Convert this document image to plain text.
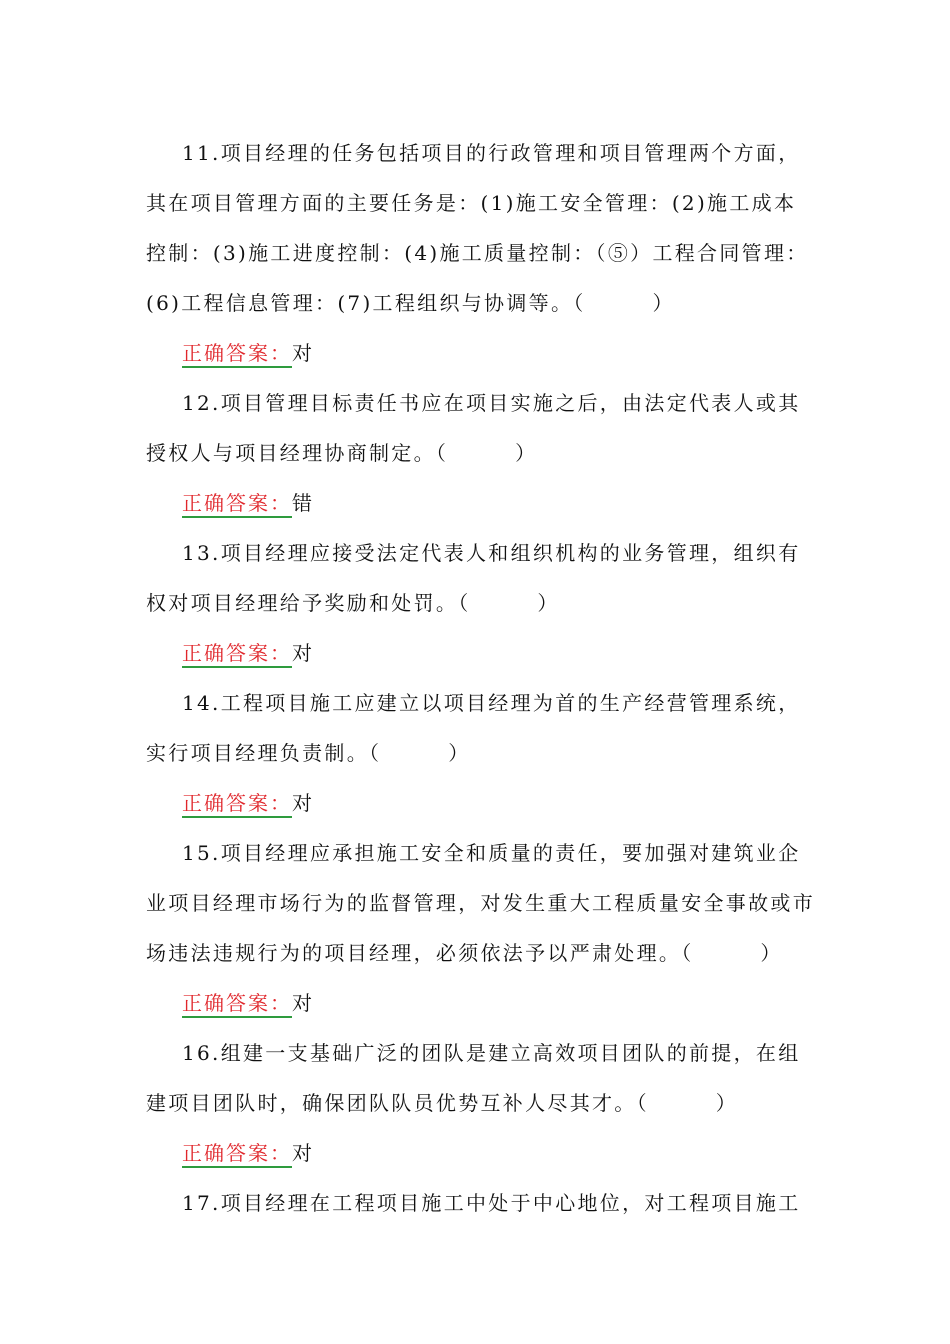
11.项目经理的任务包括项目的行政管理和项目管理两个方面，其在项目管理方面的主要任务是：(1)施工安全管理：(2)施工成本控制：(3)施工进度控制：(4)施工质量控制：（⑤）工程合同管理：(6)工程信息管理：(7)工程组织与协调等。（　　　）

正确答案：对

12.项目管理目标责任书应在项目实施之后，由法定代表人或其授权人与项目经理协商制定。（　　　）

正确答案：错

13.项目经理应接受法定代表人和组织机构的业务管理，组织有权对项目经理给予奖励和处罚。（　　　）

正确答案：对

14.工程项目施工应建立以项目经理为首的生产经营管理系统，实行项目经理负责制。（　　　）

正确答案：对

15.项目经理应承担施工安全和质量的责任，要加强对建筑业企业项目经理市场行为的监督管理，对发生重大工程质量安全事故或市场违法违规行为的项目经理，必须依法予以严肃处理。（　　　）

正确答案：对

16.组建一支基础广泛的团队是建立高效项目团队的前提，在组建项目团队时，确保团队队员优势互补人尽其才。（　　　）

正确答案：对

17.项目经理在工程项目施工中处于中心地位，对工程项目施工
